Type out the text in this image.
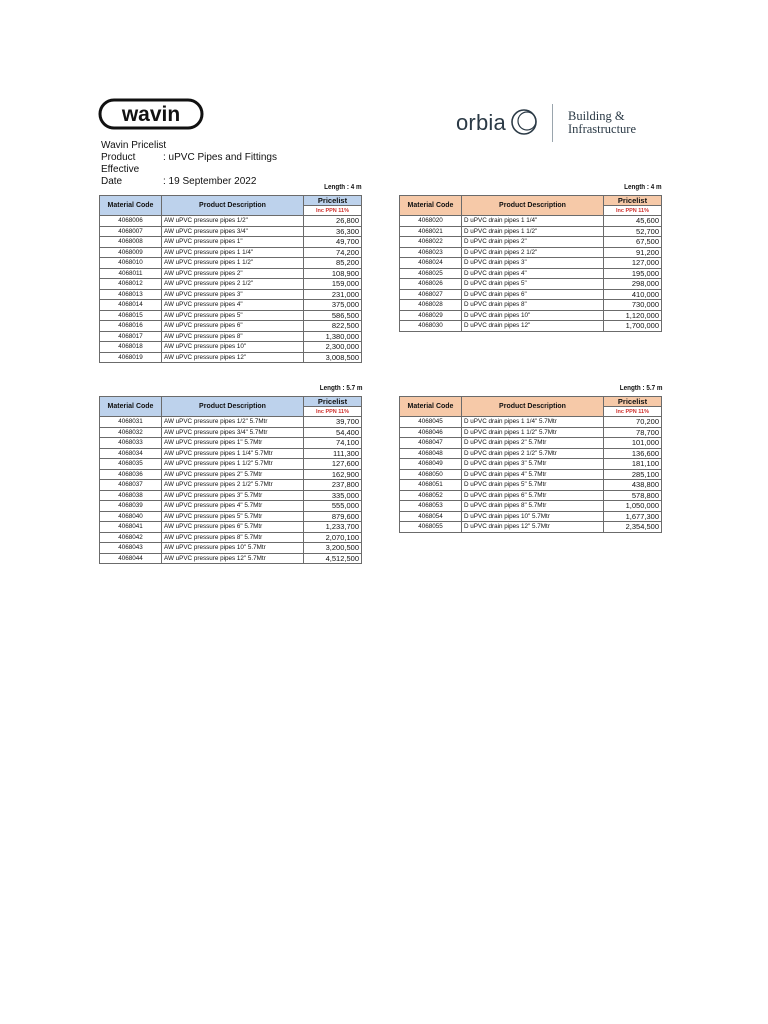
wavin	orbia	Building &
Infrastructure
Wavin Pricelist
Product	: uPVC Pipes and Fittings
Effective Date	: 19 September 2022
Length : 4 m
Material Code	Product Description	Pricelist
		Inc PPN 11%
4068006	AW uPVC pressure pipes 1/2"	26,800
4068007	AW uPVC pressure pipes 3/4"	36,300
4068008	AW uPVC pressure pipes 1"	49,700
4068009	AW uPVC pressure pipes 1 1/4"	74,200
4068010	AW uPVC pressure pipes 1 1/2"	85,200
4068011	AW uPVC pressure pipes 2"	108,900
4068012	AW uPVC pressure pipes 2 1/2"	159,000
4068013	AW uPVC pressure pipes 3"	231,000
4068014	AW uPVC pressure pipes 4"	375,000
4068015	AW uPVC pressure pipes 5"	586,500
4068016	AW uPVC pressure pipes 6"	822,500
4068017	AW uPVC pressure pipes 8"	1,380,000
4068018	AW uPVC pressure pipes 10"	2,300,000
4068019	AW uPVC pressure pipes 12"	3,008,500
Length : 4 m
Material Code	Product Description	Pricelist
		Inc PPN 11%
4068020	D uPVC drain pipes 1 1/4"	45,600
4068021	D uPVC drain pipes 1 1/2"	52,700
4068022	D uPVC drain pipes 2"	67,500
4068023	D uPVC drain pipes 2 1/2"	91,200
4068024	D uPVC drain pipes 3"	127,000
4068025	D uPVC drain pipes 4"	195,000
4068026	D uPVC drain pipes 5"	298,000
4068027	D uPVC drain pipes 6"	410,000
4068028	D uPVC drain pipes 8"	730,000
4068029	D uPVC drain pipes 10"	1,120,000
4068030	D uPVC drain pipes 12"	1,700,000
Length : 5.7 m
Material Code	Product Description	Pricelist
		Inc PPN 11%
4068031	AW uPVC pressure pipes 1/2" 5.7Mtr	39,700
4068032	AW uPVC pressure pipes 3/4" 5.7Mtr	54,400
4068033	AW uPVC pressure pipes 1" 5.7Mtr	74,100
4068034	AW uPVC pressure pipes 1 1/4" 5.7Mtr	111,300
4068035	AW uPVC pressure pipes 1 1/2" 5.7Mtr	127,600
4068036	AW uPVC pressure pipes 2" 5.7Mtr	162,900
4068037	AW uPVC pressure pipes 2 1/2" 5.7Mtr	237,800
4068038	AW uPVC pressure pipes 3" 5.7Mtr	335,000
4068039	AW uPVC pressure pipes 4" 5.7Mtr	555,000
4068040	AW uPVC pressure pipes 5" 5.7Mtr	879,600
4068041	AW uPVC pressure pipes 6" 5.7Mtr	1,233,700
4068042	AW uPVC pressure pipes 8" 5.7Mtr	2,070,100
4068043	AW uPVC pressure pipes 10" 5.7Mtr	3,200,500
4068044	AW uPVC pressure pipes 12" 5.7Mtr	4,512,500
Length : 5.7 m
Material Code	Product Description	Pricelist
		Inc PPN 11%
4068045	D uPVC drain pipes 1 1/4" 5.7Mtr	70,200
4068046	D uPVC drain pipes 1 1/2" 5.7Mtr	78,700
4068047	D uPVC drain pipes 2" 5.7Mtr	101,000
4068048	D uPVC drain pipes 2 1/2" 5.7Mtr	136,600
4068049	D uPVC drain pipes 3" 5.7Mtr	181,100
4068050	D uPVC drain pipes 4" 5.7Mtr	285,100
4068051	D uPVC drain pipes 5" 5.7Mtr	438,800
4068052	D uPVC drain pipes 6" 5.7Mtr	578,800
4068053	D uPVC drain pipes 8" 5.7Mtr	1,050,000
4068054	D uPVC drain pipes 10" 5.7Mtr	1,677,300
4068055	D uPVC drain pipes 12" 5.7Mtr	2,354,500
